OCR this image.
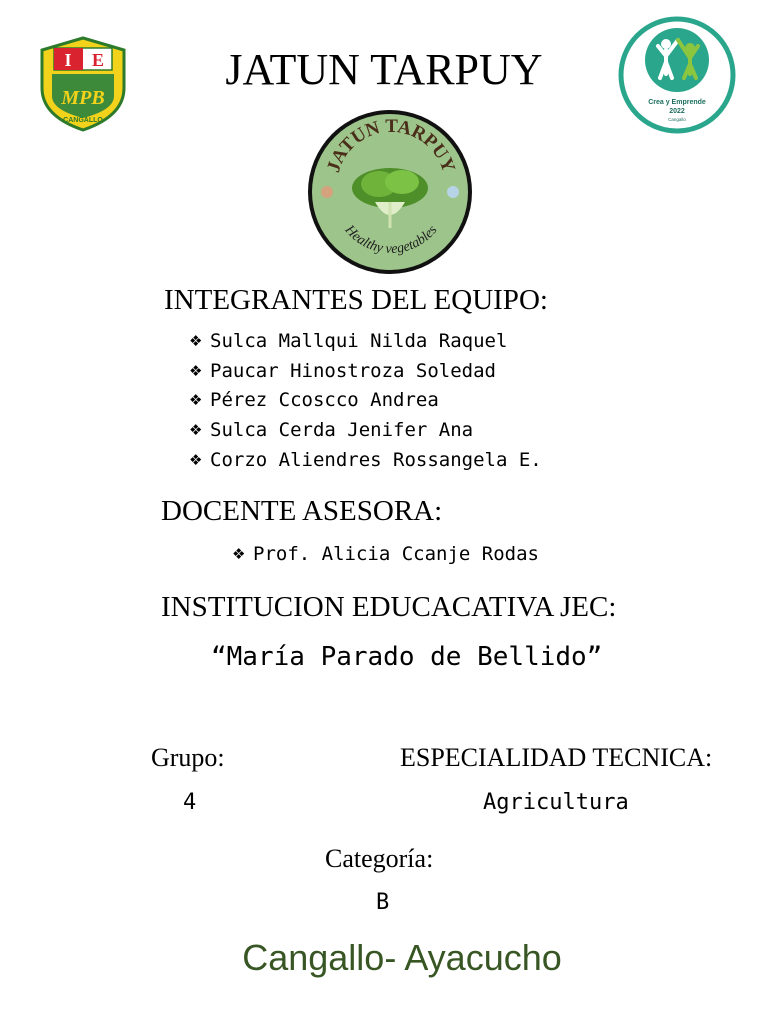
JATUN TARPUY
I E
MPB
CANGALLO
Crea y Emprende
2022
Cangallo
JATUN TARPUY
Healthy vegetables
INTEGRANTES DEL EQUIPO:
❖ Sulca Mallqui Nilda Raquel
❖ Paucar Hinostroza Soledad
❖ Pérez Ccoscco Andrea
❖ Sulca Cerda Jenifer Ana
❖ Corzo Aliendres Rossangela E.
DOCENTE ASESORA:
❖ Prof. Alicia Ccanje Rodas
INSTITUCION EDUCACATIVA JEC:
“María Parado de Bellido”
Grupo:
4
ESPECIALIDAD TECNICA:
Agricultura
Categoría:
B
Cangallo- Ayacucho
